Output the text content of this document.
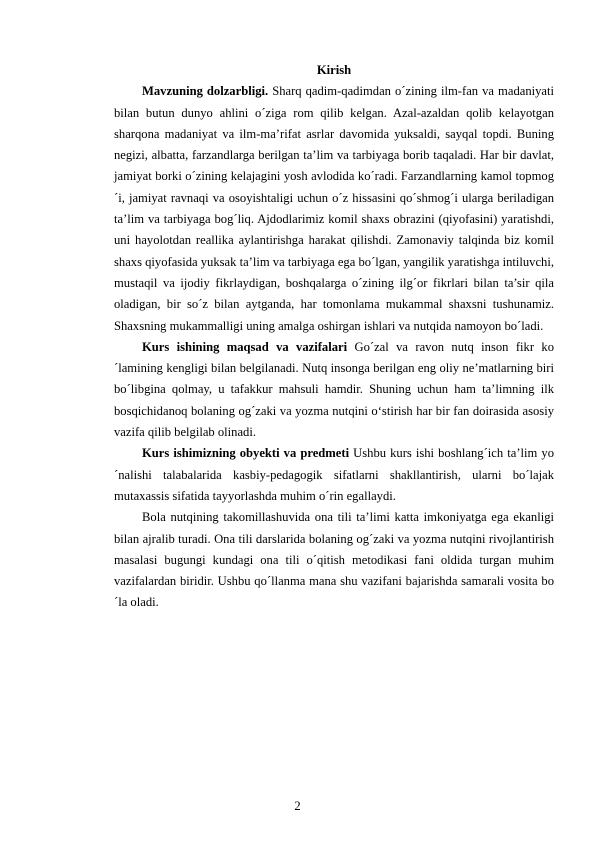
Kirish

Mavzuning dolzarbligi. Sharq qadim-qadimdan o´zining ilm-fan va madaniyati bilan butun dunyo ahlini o´ziga rom qilib kelgan. Azal-azaldan qolib kelayotgan sharqona madaniyat va ilm-ma’rifat asrlar davomida yuksaldi, sayqal topdi. Buning negizi, albatta, farzandlarga berilgan ta’lim va tarbiyaga borib taqaladi. Har bir davlat, jamiyat borki o´zining kelajagini yosh avlodida ko´radi. Farzandlarning kamol topmog´i, jamiyat ravnaqi va osoyishtaligi uchun o´z hissasini qo´shmog´i ularga beriladigan ta’lim va tarbiyaga bog´liq. Ajdodlarimiz komil shaxs obrazini (qiyofasini) yaratishdi, uni hayolotdan reallika aylantirishga harakat qilishdi. Zamonaviy talqinda biz komil shaxs qiyofasida yuksak ta’lim va tarbiyaga ega bo´lgan, yangilik yaratishga intiluvchi, mustaqil va ijodiy fikrlaydigan, boshqalarga o´zining ilg´or fikrlari bilan ta’sir qila oladigan, bir so´z bilan aytganda, har tomonlama mukammal shaxsni tushunamiz. Shaxsning mukammalligi uning amalga oshirgan ishlari va nutqida namoyon bo´ladi.

Kurs ishining maqsad va vazifalari Go´zal va ravon nutq inson fikr ko´lamining kengligi bilan belgilanadi. Nutq insonga berilgan eng oliy ne’matlarning biri bo´libgina qolmay, u tafakkur mahsuli hamdir. Shuning uchun ham ta’limning ilk bosqichidanoq bolaning og´zaki va yozma nutqini o‘stirish har bir fan doirasida asosiy vazifa qilib belgilab olinadi.

Kurs ishimizning obyekti va predmeti Ushbu kurs ishi boshlang´ich ta’lim yo´nalishi talabalarida kasbiy-pedagogik sifatlarni shakllantirish, ularni bo´lajak mutaxassis sifatida tayyorlashda muhim o´rin egallaydi.

Bola nutqining takomillashuvida ona tili ta’limi katta imkoniyatga ega ekanligi bilan ajralib turadi. Ona tili darslarida bolaning og´zaki va yozma nutqini rivojlantirish masalasi bugungi kundagi ona tili o´qitish metodikasi fani oldida turgan muhim vazifalardan biridir. Ushbu qo´llanma mana shu vazifani bajarishda samarali vosita bo´la oladi.

2
